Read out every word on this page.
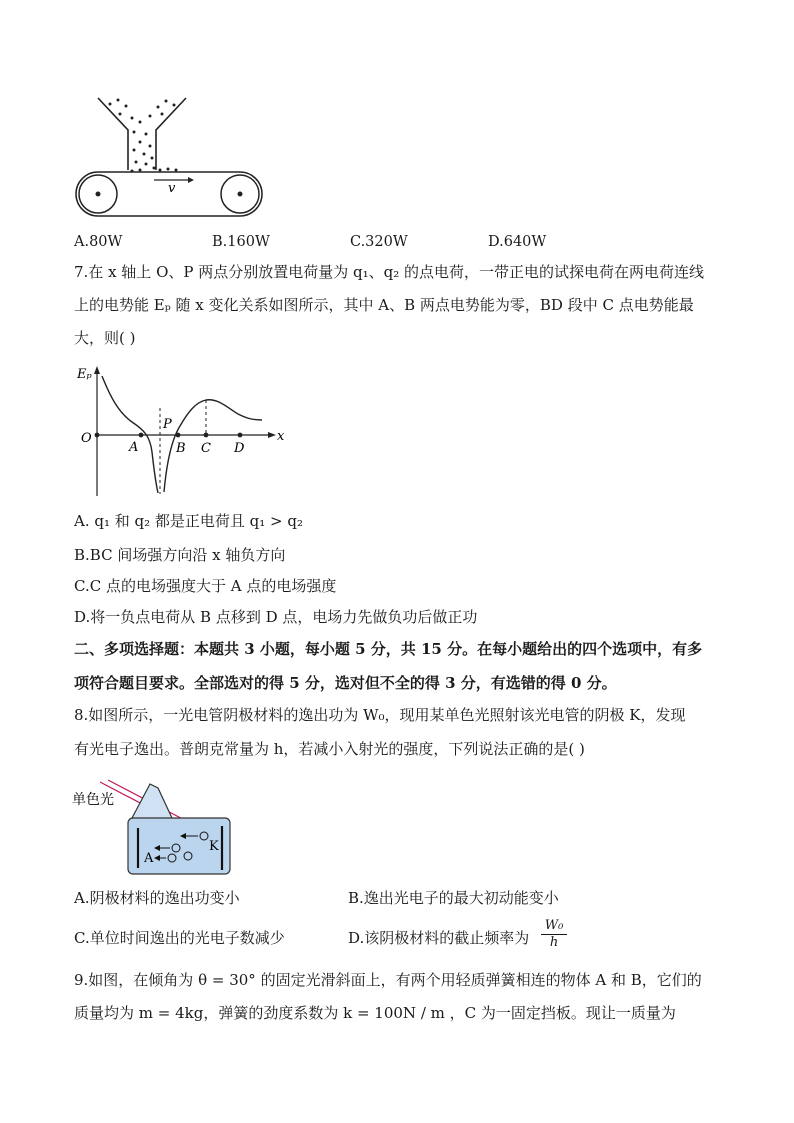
v
A.80W	B.160W	C.320W	D.640W
7.在 x 轴上 O、P 两点分别放置电荷量为 q₁、q₂ 的点电荷，一带正电的试探电荷在两电荷连线
上的电势能 Eₚ 随 x 变化关系如图所示，其中 A、B 两点电势能为零，BD 段中 C 点电势能最
大，则( )
Eₚ
x
O
A
P
B C D
A. q₁ 和 q₂ 都是正电荷且 q₁ > q₂
B.BC 间场强方向沿 x 轴负方向
C.C 点的电场强度大于 A 点的电场强度
D.将一负点电荷从 B 点移到 D 点，电场力先做负功后做正功
二、多项选择题：本题共 3 小题，每小题 5 分，共 15 分。在每小题给出的四个选项中，有多
项符合题目要求。全部选对的得 5 分，选对但不全的得 3 分，有选错的得 0 分。
8.如图所示，一光电管阴极材料的逸出功为 W₀，现用某单色光照射该光电管的阴极 K，发现
有光电子逸出。普朗克常量为 h，若减小入射光的强度，下列说法正确的是( )
单色光
A
K
A.阴极材料的逸出功变小	B.逸出光电子的最大初动能变小
C.单位时间逸出的光电子数减少	D.该阴极材料的截止频率为 $\frac{\text{W₀}}{h}$
9.如图，在倾角为 θ = 30° 的固定光滑斜面上，有两个用轻质弹簧相连的物体 A 和 B，它们的
质量均为 m = 4kg，弹簧的劲度系数为 k = 100N / m ，C 为一固定挡板。现让一质量为
